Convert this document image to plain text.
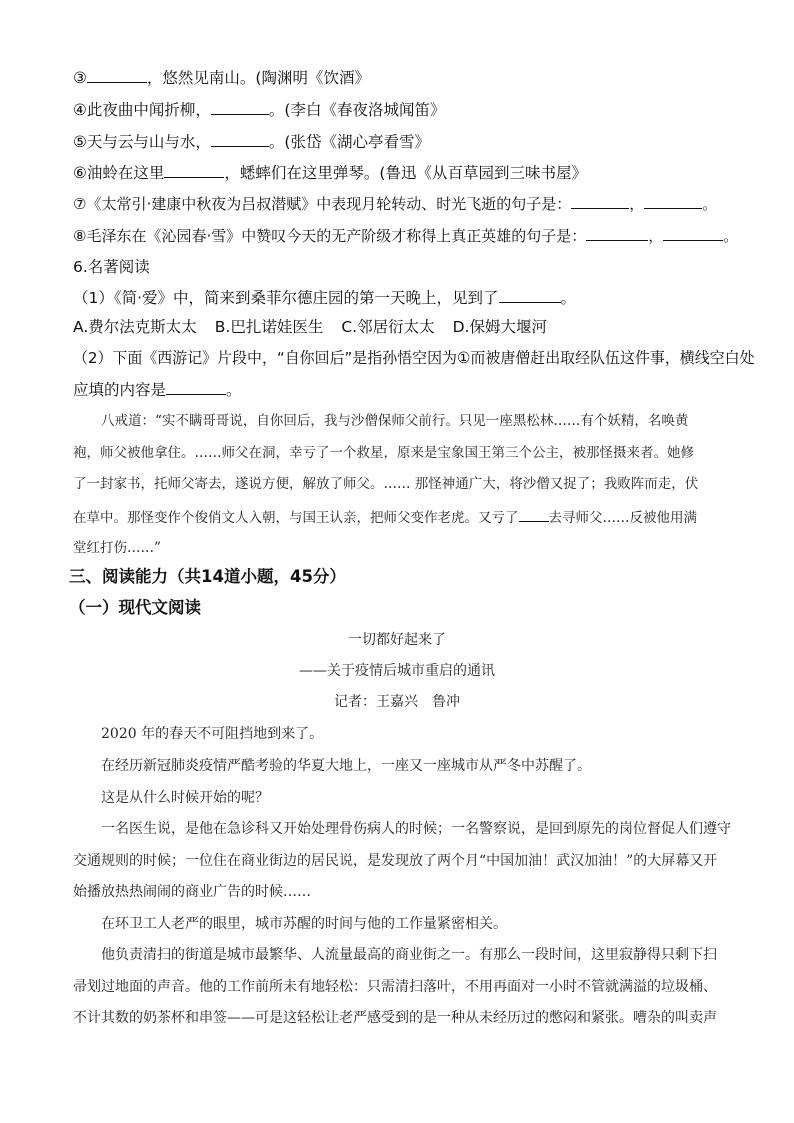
③	，悠然见南山。(陶渊明《饮酒》
④此夜曲中闻折柳，	。(李白《春夜洛城闻笛》
⑤天与云与山与水，	。(张岱《湖心亭看雪》
⑥油蛉在这里	，蟋蟀们在这里弹琴。(鲁迅《从百草园到三味书屋》
⑦《太常引·建康中秋夜为吕叔潜赋》中表现月轮转动、时光飞逝的句子是：	，	。
⑧毛泽东在《沁园春·雪》中赞叹今天的无产阶级才称得上真正英雄的句子是：	，	。
6.名著阅读
（1）《简·爱》中，简来到桑菲尔德庄园的第一天晚上，见到了	。
A.费尔法克斯太太 B.巴扎诺娃医生 C.邻居衍太太 D.保姆大堰河
（2）下面《西游记》片段中，“自你回后”是指孙悟空因为①而被唐僧赶出取经队伍这件事，横线空白处
应填的内容是	。
八戒道：“实不瞒哥哥说，自你回后，我与沙僧保师父前行。只见一座黑松林……有个妖精，名唤黄
袍，师父被他拿住。……师父在洞，幸亏了一个救星，原来是宝象国王第三个公主，被那怪摄来者。她修
了一封家书，托师父寄去，遂说方便，解放了师父。…… 那怪神通广大，将沙僧又捉了；我败阵而走，伏
在草中。那怪变作个俊俏文人入朝，与国王认亲，把师父变作老虎。又亏了 去寻师父……反被他用满
堂红打伤……”
三、阅读能力（共14道小题，45分）
（一）现代文阅读
一切都好起来了
——关于疫情后城市重启的通讯
记者：王嘉兴　鲁冲
2020 年的春天不可阻挡地到来了。
在经历新冠肺炎疫情严酷考验的华夏大地上，一座又一座城市从严冬中苏醒了。
这是从什么时候开始的呢？
一名医生说，是他在急诊科又开始处理骨伤病人的时候；一名警察说，是回到原先的岗位督促人们遵守
交通规则的时候；一位住在商业街边的居民说，是发现放了两个月“中国加油！武汉加油！”的大屏幕又开
始播放热热闹闹的商业广告的时候……
在环卫工人老严的眼里，城市苏醒的时间与他的工作量紧密相关。
他负责清扫的街道是城市最繁华、人流量最高的商业街之一。有那么一段时间，这里寂静得只剩下扫
帚划过地面的声音。他的工作前所未有地轻松：只需清扫落叶，不用再面对一小时不管就满溢的垃圾桶、
不计其数的奶茶杯和串签——可是这轻松让老严感受到的是一种从未经历过的憋闷和紧张。嘈杂的叫卖声
